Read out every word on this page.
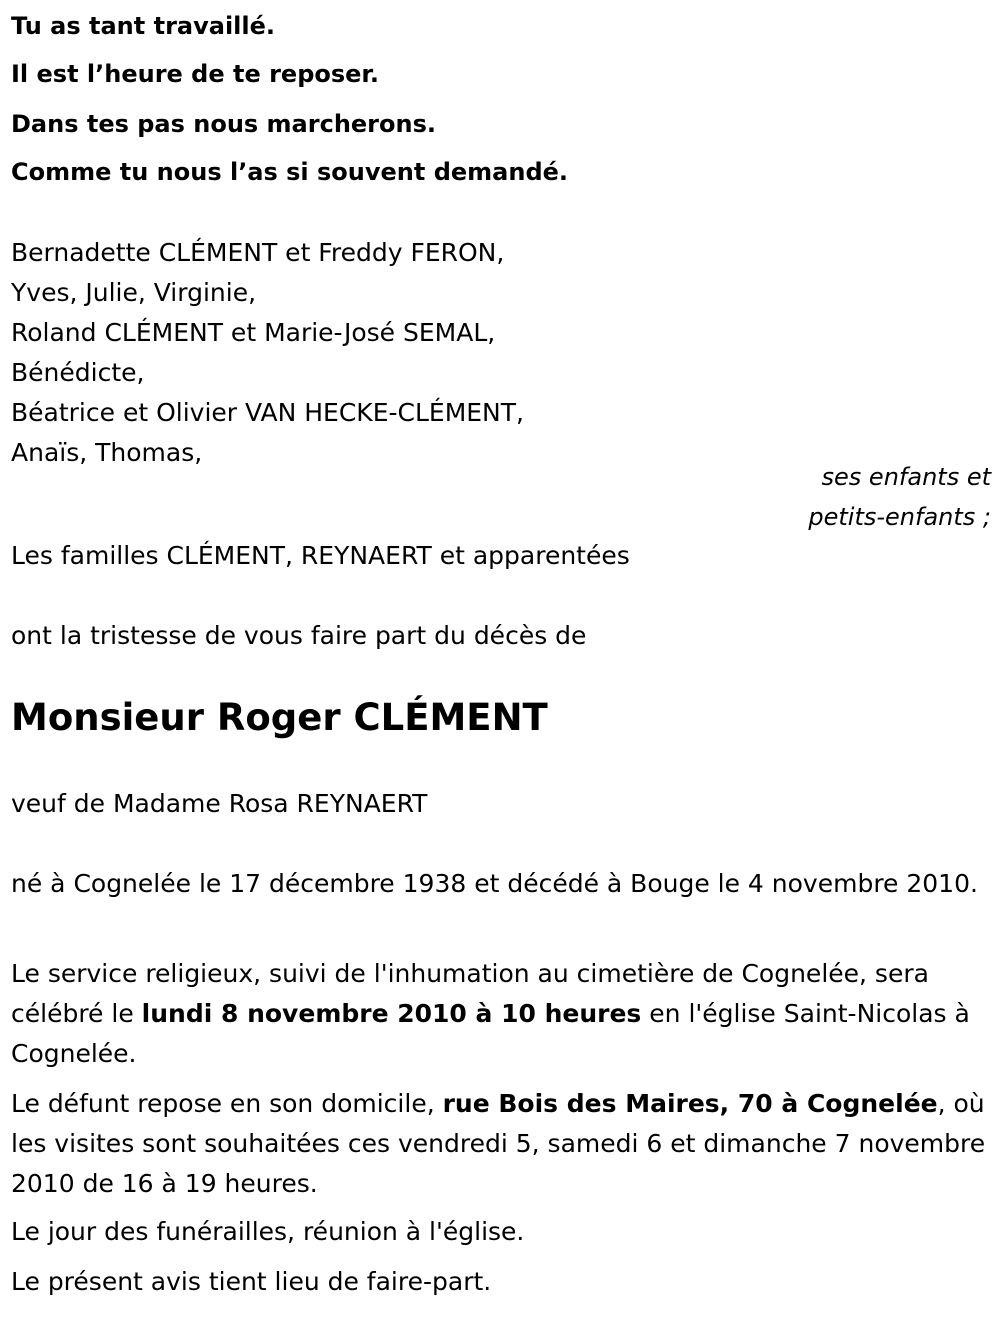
Tu as tant travaillé.
Il est l’heure de te reposer.
Dans tes pas nous marcherons.
Comme tu nous l’as si souvent demandé.
Bernadette CLÉMENT et Freddy FERON,
Yves, Julie, Virginie,
Roland CLÉMENT et Marie-José SEMAL,
Bénédicte,
Béatrice et Olivier VAN HECKE-CLÉMENT,
Anaïs, Thomas,
ses enfants et
petits-enfants ;
Les familles CLÉMENT, REYNAERT et apparentées
ont la tristesse de vous faire part du décès de
Monsieur Roger CLÉMENT
veuf de Madame Rosa REYNAERT
né à Cognelée le 17 décembre 1938 et décédé à Bouge le 4 novembre 2010.
Le service religieux, suivi de l'inhumation au cimetière de Cognelée, sera célébré le lundi 8 novembre 2010 à 10 heures en l'église Saint-Nicolas à Cognelée.
Le défunt repose en son domicile, rue Bois des Maires, 70 à Cognelée, où les visites sont souhaitées ces vendredi 5, samedi 6 et dimanche 7 novembre 2010 de 16 à 19 heures.
Le jour des funérailles, réunion à l'église.
Le présent avis tient lieu de faire-part.
